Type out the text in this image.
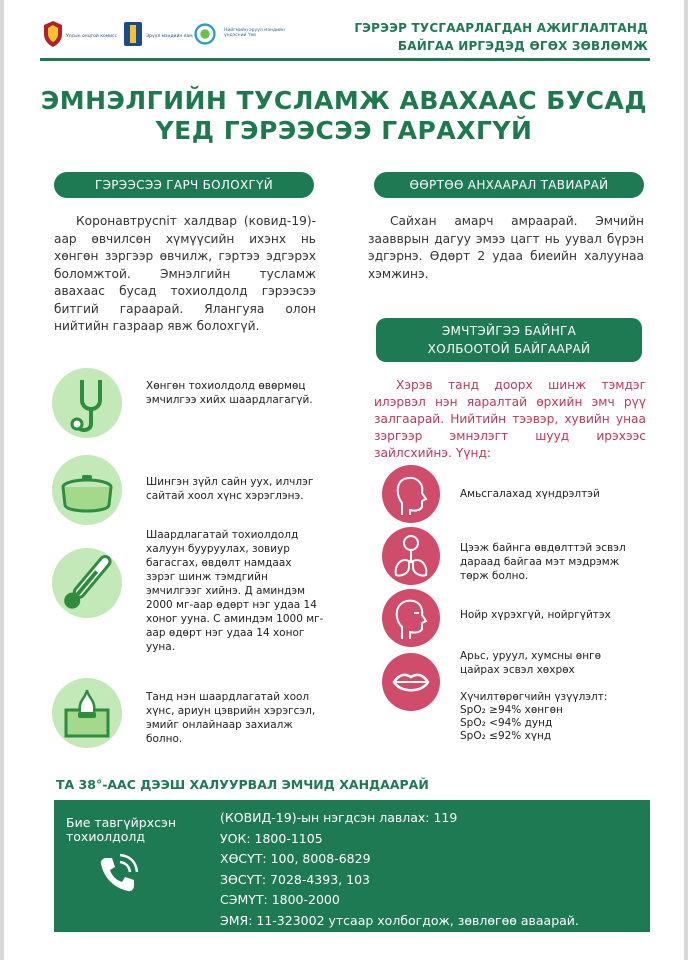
Улсын онцгой комисс	Эрүүл мэндийн яам
Нийгмийн эрүүл мэндийн үндэсний төв
ГЭРЭЭР ТУСГААРЛАГДАН АЖИГЛАЛТАНД
БАЙГАА ИРГЭДЭД ӨГӨХ ЗӨВЛӨМЖ
ЭМНЭЛГИЙН ТУСЛАМЖ АВАХААС БУСАД
ҮЕД ГЭРЭЭСЭЭ ГАРАХГҮЙ
ГЭРЭЭСЭЭ ГАРЧ БОЛОХГҮЙ
Коронавтрусniт халдвар (ковид-19)-аар өвчилсөн хүмүүсийн ихэнх нь хөнгөн зэргээр өвчилж, гэртээ эдгэрэх боломжтой. Эмнэлгийн тусламж авахаас бусад тохиолдолд гэрээсээ битгий гараарай. Ялангуяа олон нийтийн газраар явж болохгүй.
Хөнгөн тохиолдолд өвөрмөц эмчилгээ хийх шаардлагагүй.
Шингэн зүйл сайн уух, илчлэг сайтай хоол хүнс хэрэглэнэ.
Шаардлагатай тохиолдолд халуун бууруулах, зовиур багасгах, өвдөлт намдаах зэрэг шинж тэмдгийн эмчилгээг хийнэ. Д аминдэм 2000 мг-аар өдөрт нэг удаа 14 хоног ууна. С аминдэм 1000 мг-аар өдөрт нэг удаа 14 хоног ууна.
Танд нэн шаардлагатай хоол хүнс, ариун цэврийн хэрэгсэл, эмийг онлайнаар захиалж болно.
ӨӨРТӨӨ АНХААРАЛ ТАВИАРАЙ
Сайхан амарч амраарай. Эмчийн заавврын дагуу эмээ цагт нь уувал бүрэн эдгэрнэ. Өдөрт 2 удаа биеийн халуунаа хэмжинэ.
ЭМЧТЭЙГЭЭ БАЙНГА
ХОЛБООТОЙ БАЙГААРАЙ
Хэрэв танд доорх шинж тэмдэг илэрвэл нэн яаралтай өрхийн эмч рүү залгаарай. Нийтийн тээвэр, хувийн унаа зэргээр эмнэлэгт шууд ирэхээс зайлсхийнэ. Үүнд:
Амьсгалахад хүндрэлтэй
Цээж байнга өвдөлттэй эсвэл дараад байгаа мэт мэдрэмж төрж болно.
Нойр хүрэхгүй, нойргүйтэх
Арьс, уруул, хумсны өнгө цайрах эсвэл хөхрөх
Хүчилтөрөгчийн үзүүлэлт:
SpO₂ ≥94% хөнгөн
SpO₂ <94% дунд
SpO₂ ≤92% хүнд
ТА 38°-ААС ДЭЭШ ХАЛУУРВАЛ ЭМЧИД ХАНДААРАЙ
Бие тавгүйрхсэн тохиолдолд
(КОВИД-19)-ын нэгдсэн лавлах: 119
УОК: 1800-1105
ХӨСҮТ: 100, 8008-6829
ЗӨСҮТ: 7028-4393, 103
СЭМҮТ: 1800-2000
ЭМЯ: 11-323002 утсаар холбогдож, зөвлөгөө аваарай.
